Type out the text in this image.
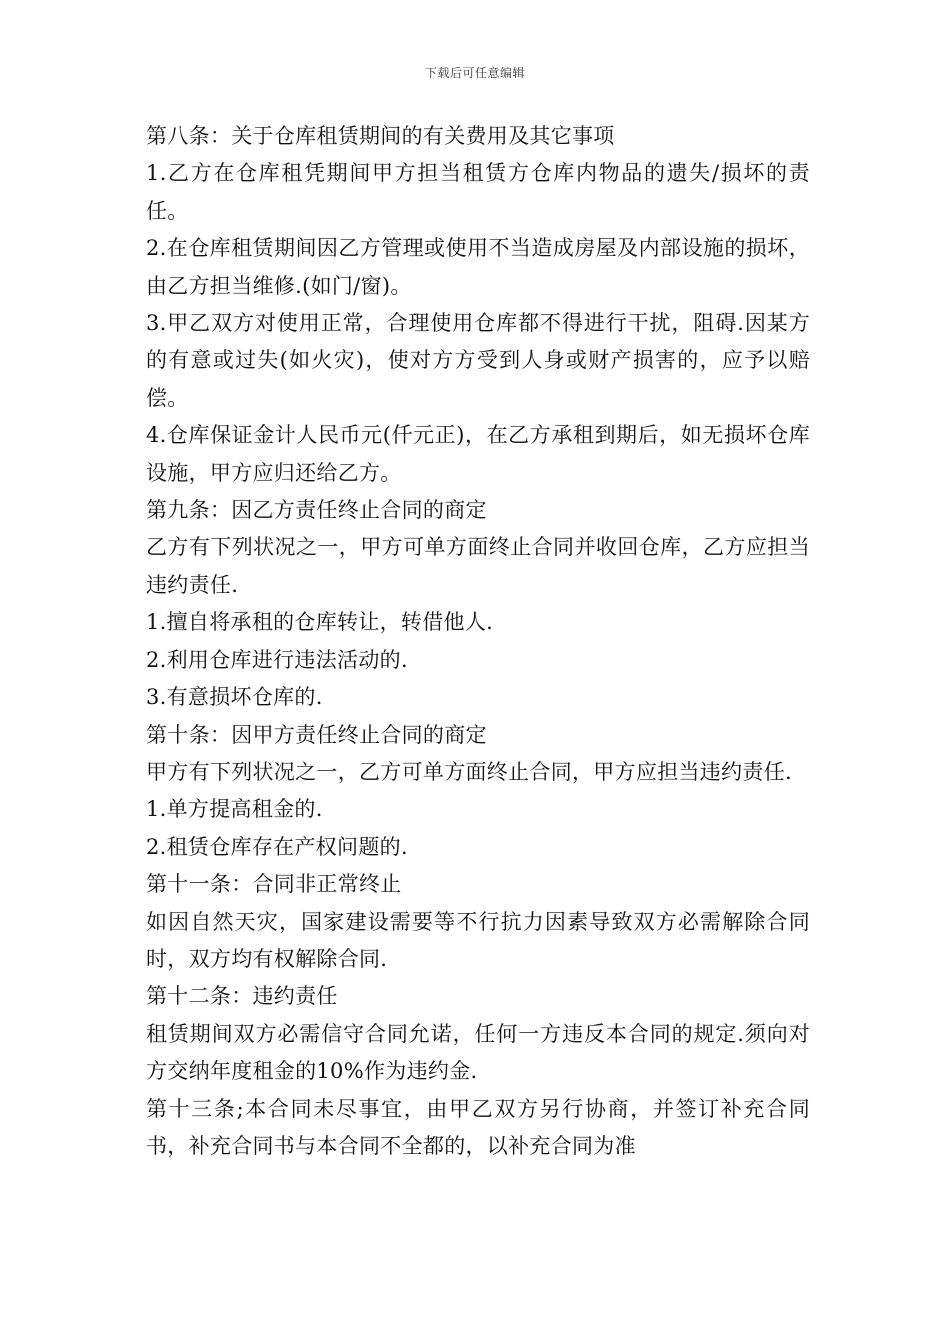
下载后可任意编辑

第八条：关于仓库租赁期间的有关费用及其它事项

1.乙方在仓库租凭期间甲方担当租赁方仓库内物品的遗失/损坏的责任。

2.在仓库租赁期间因乙方管理或使用不当造成房屋及内部设施的损坏，由乙方担当维修.(如门/窗)。

3.甲乙双方对使用正常，合理使用仓库都不得进行干扰，阻碍.因某方的有意或过失(如火灾)，使对方方受到人身或财产损害的，应予以赔偿。

4.仓库保证金计人民币元(仟元正)，在乙方承租到期后，如无损坏仓库设施，甲方应归还给乙方。

第九条：因乙方责任终止合同的商定

乙方有下列状况之一，甲方可单方面终止合同并收回仓库，乙方应担当违约责任.

1.擅自将承租的仓库转让，转借他人.

2.利用仓库进行违法活动的.

3.有意损坏仓库的.

第十条：因甲方责任终止合同的商定

甲方有下列状况之一，乙方可单方面终止合同，甲方应担当违约责任.

1.单方提高租金的.

2.租赁仓库存在产权问题的.

第十一条：合同非正常终止

如因自然天灾，国家建设需要等不行抗力因素导致双方必需解除合同时，双方均有权解除合同.

第十二条：违约责任

租赁期间双方必需信守合同允诺，任何一方违反本合同的规定.须向对方交纳年度租金的10%作为违约金.

第十三条;本合同未尽事宜，由甲乙双方另行协商，并签订补充合同书，补充合同书与本合同不全都的，以补充合同为准
